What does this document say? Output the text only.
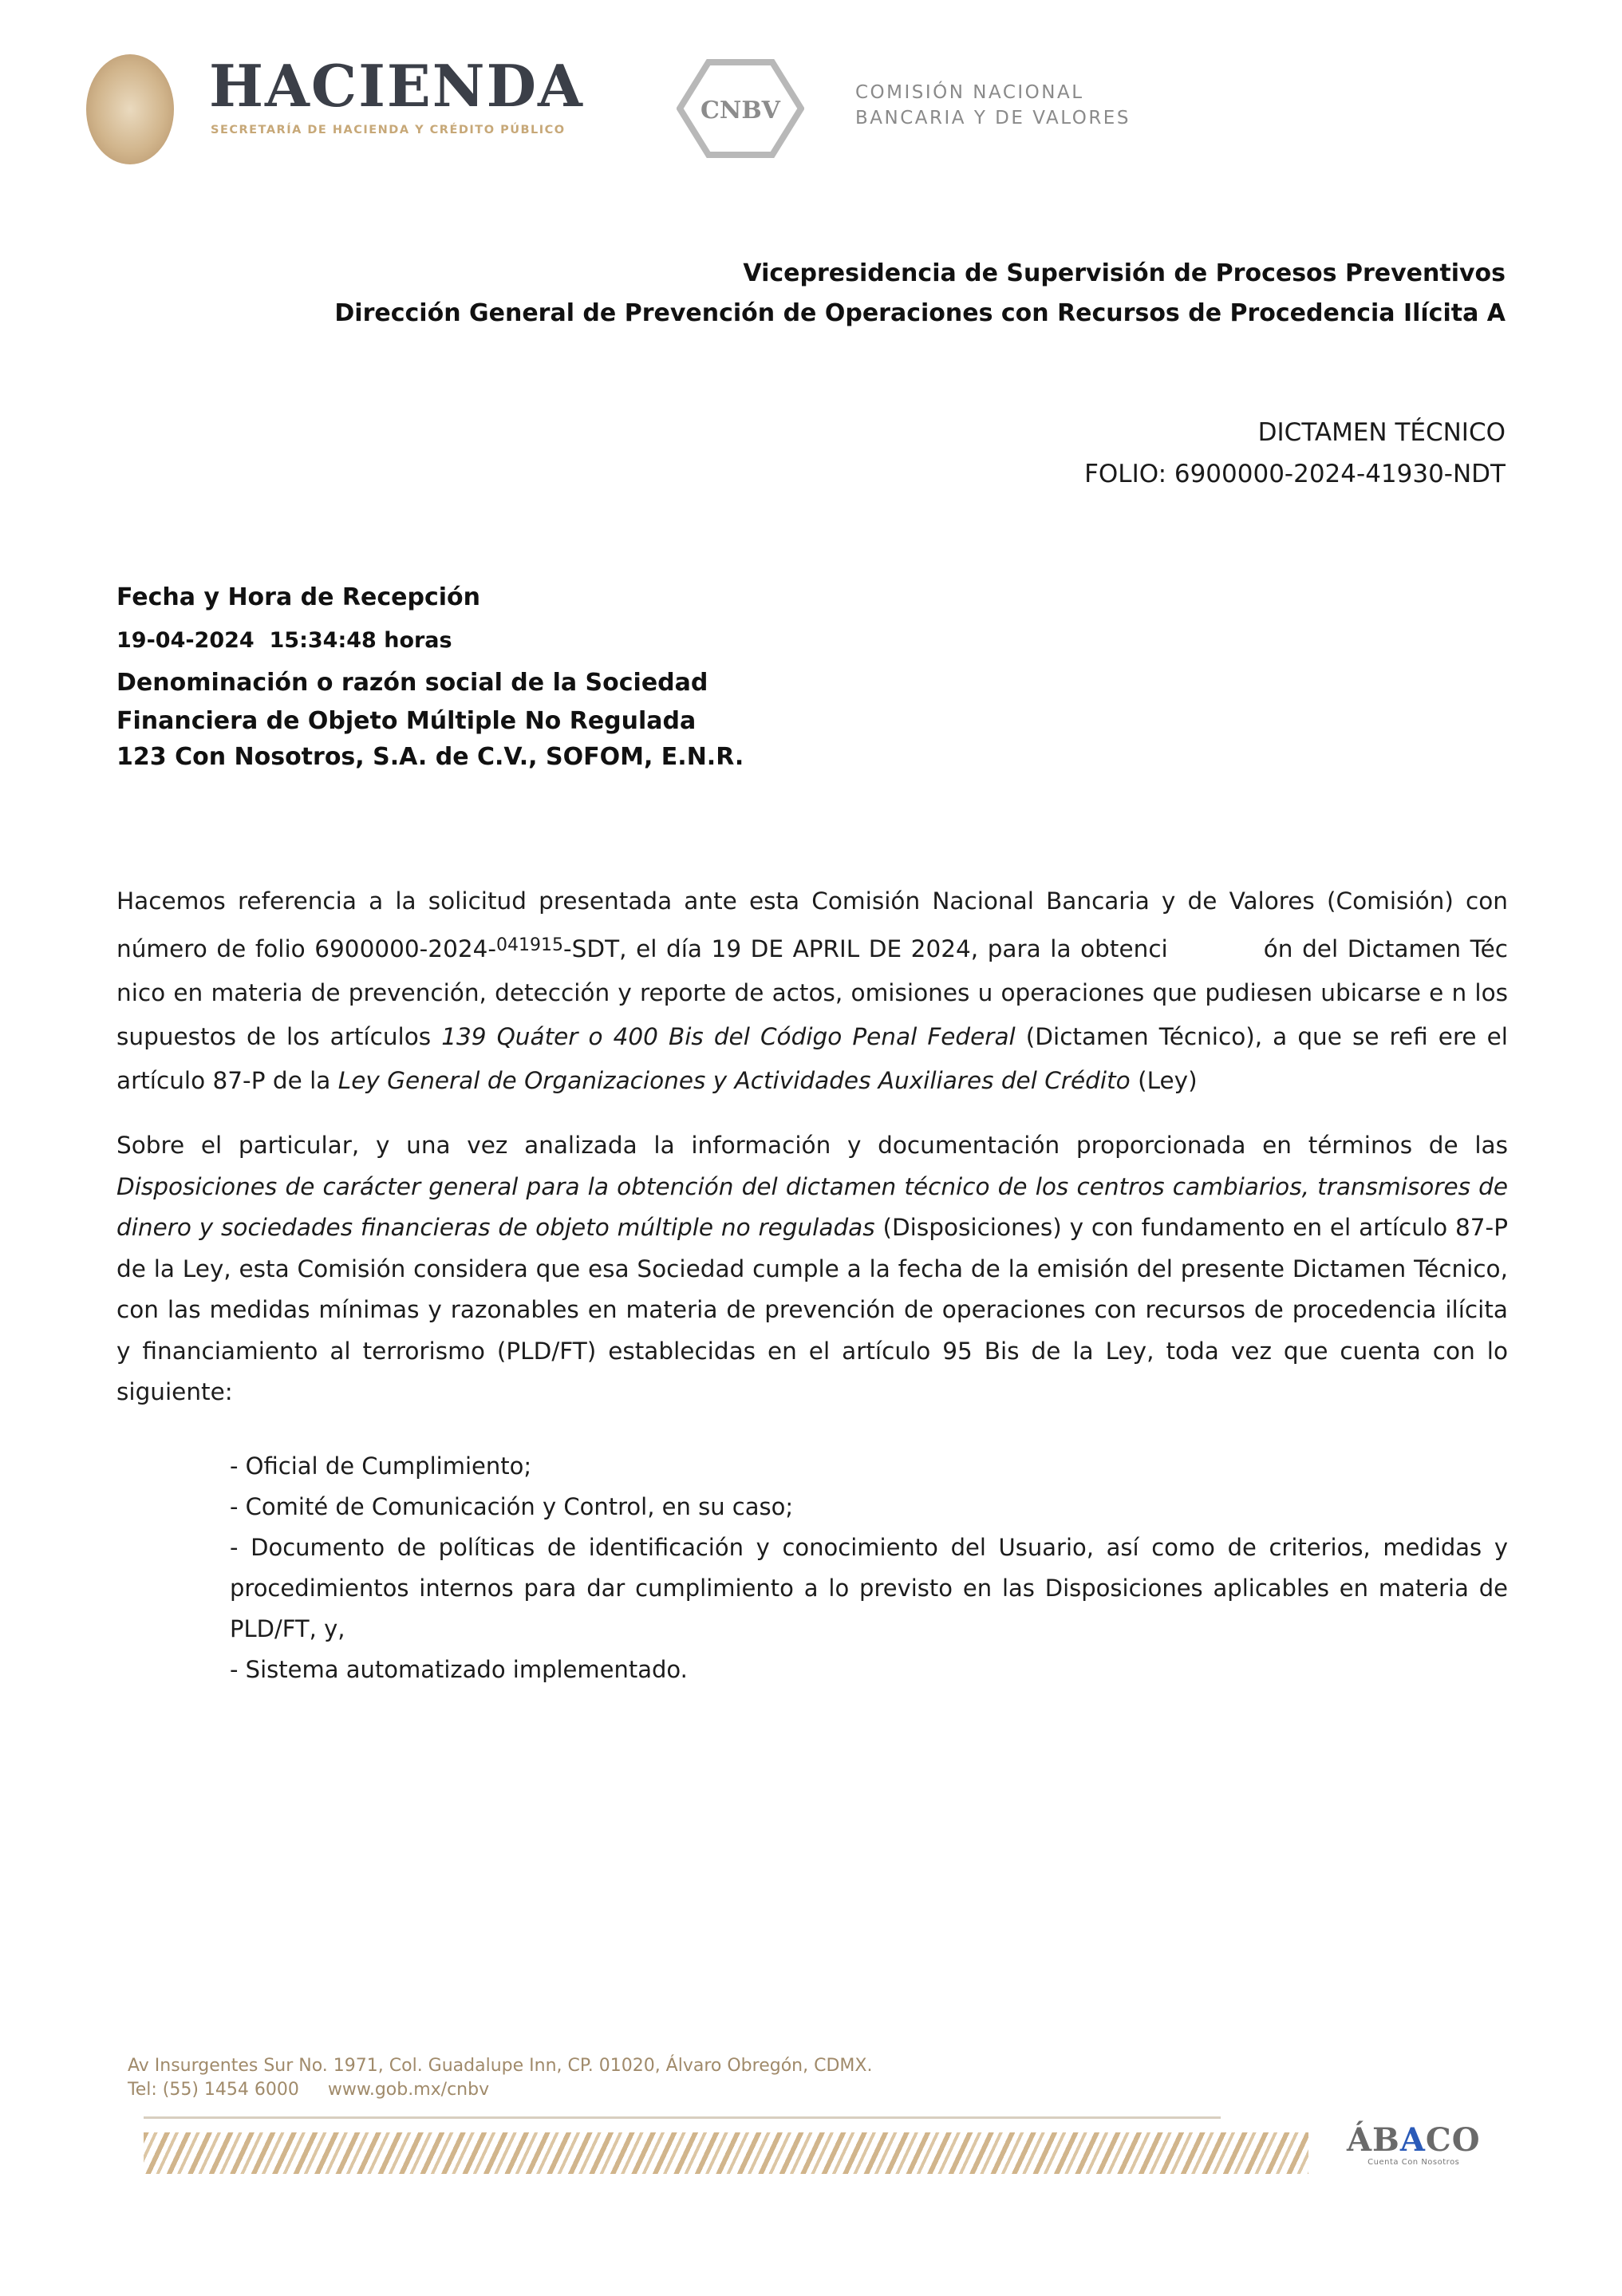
HACIENDA
SECRETARÍA DE HACIENDA Y CRÉDITO PÚBLICO
CNBV
COMISIÓN NACIONAL
BANCARIA Y DE VALORES
Vicepresidencia de Supervisión de Procesos Preventivos
Dirección General de Prevención de Operaciones con Recursos de Procedencia Ilícita A
DICTAMEN TÉCNICO
FOLIO: 6900000-2024-41930-NDT
Fecha y Hora de Recepción
19-04-2024  15:34:48 horas
Denominación o razón social de la Sociedad
Financiera de Objeto Múltiple No Regulada
123 Con Nosotros, S.A. de C.V., SOFOM, E.N.R.
Hacemos referencia a la solicitud presentada ante esta Comisión Nacional Bancaria y de Valores (Comisión) con número de folio 6900000-2024-$^{041915}$-SDT, el día 19 DE APRIL DE 2024, para la obtenci	ón del Dictamen Téc nico en materia de prevención, detección y reporte de actos, omisiones u operaciones que pudiesen ubicarse e n los supuestos de los artículos 139 Quáter o 400 Bis del Código Penal Federal (Dictamen Técnico), a que se refi ere el artículo 87-P de la Ley General de Organizaciones y Actividades Auxiliares del Crédito (Ley)
Sobre el particular, y una vez analizada la información y documentación proporcionada en términos de las Disposiciones de carácter general para la obtención del dictamen técnico de los centros cambiarios, transmisores de dinero y sociedades financieras de objeto múltiple no reguladas (Disposiciones) y con fundamento en el artículo 87-P de la Ley, esta Comisión considera que esa Sociedad cumple a la fecha de la emisión del presente Dictamen Técnico, con las medidas mínimas y razonables en materia de prevención de operaciones con recursos de procedencia ilícita y financiamiento al terrorismo (PLD/FT) establecidas en el artículo 95 Bis de la Ley, toda vez que cuenta con lo siguiente:
- Oficial de Cumplimiento;
- Comité de Comunicación y Control, en su caso;
- Documento de políticas de identificación y conocimiento del Usuario, así como de criterios, medidas y procedimientos internos para dar cumplimiento a lo previsto en las Disposiciones aplicables en materia de PLD/FT, y,
- Sistema automatizado implementado.
Av Insurgentes Sur No. 1971, Col. Guadalupe Inn, CP. 01020, Álvaro Obregón, CDMX.
Tel: (55) 1454 6000 www.gob.mx/cnbv
ÁBACO
Cuenta Con Nosotros
